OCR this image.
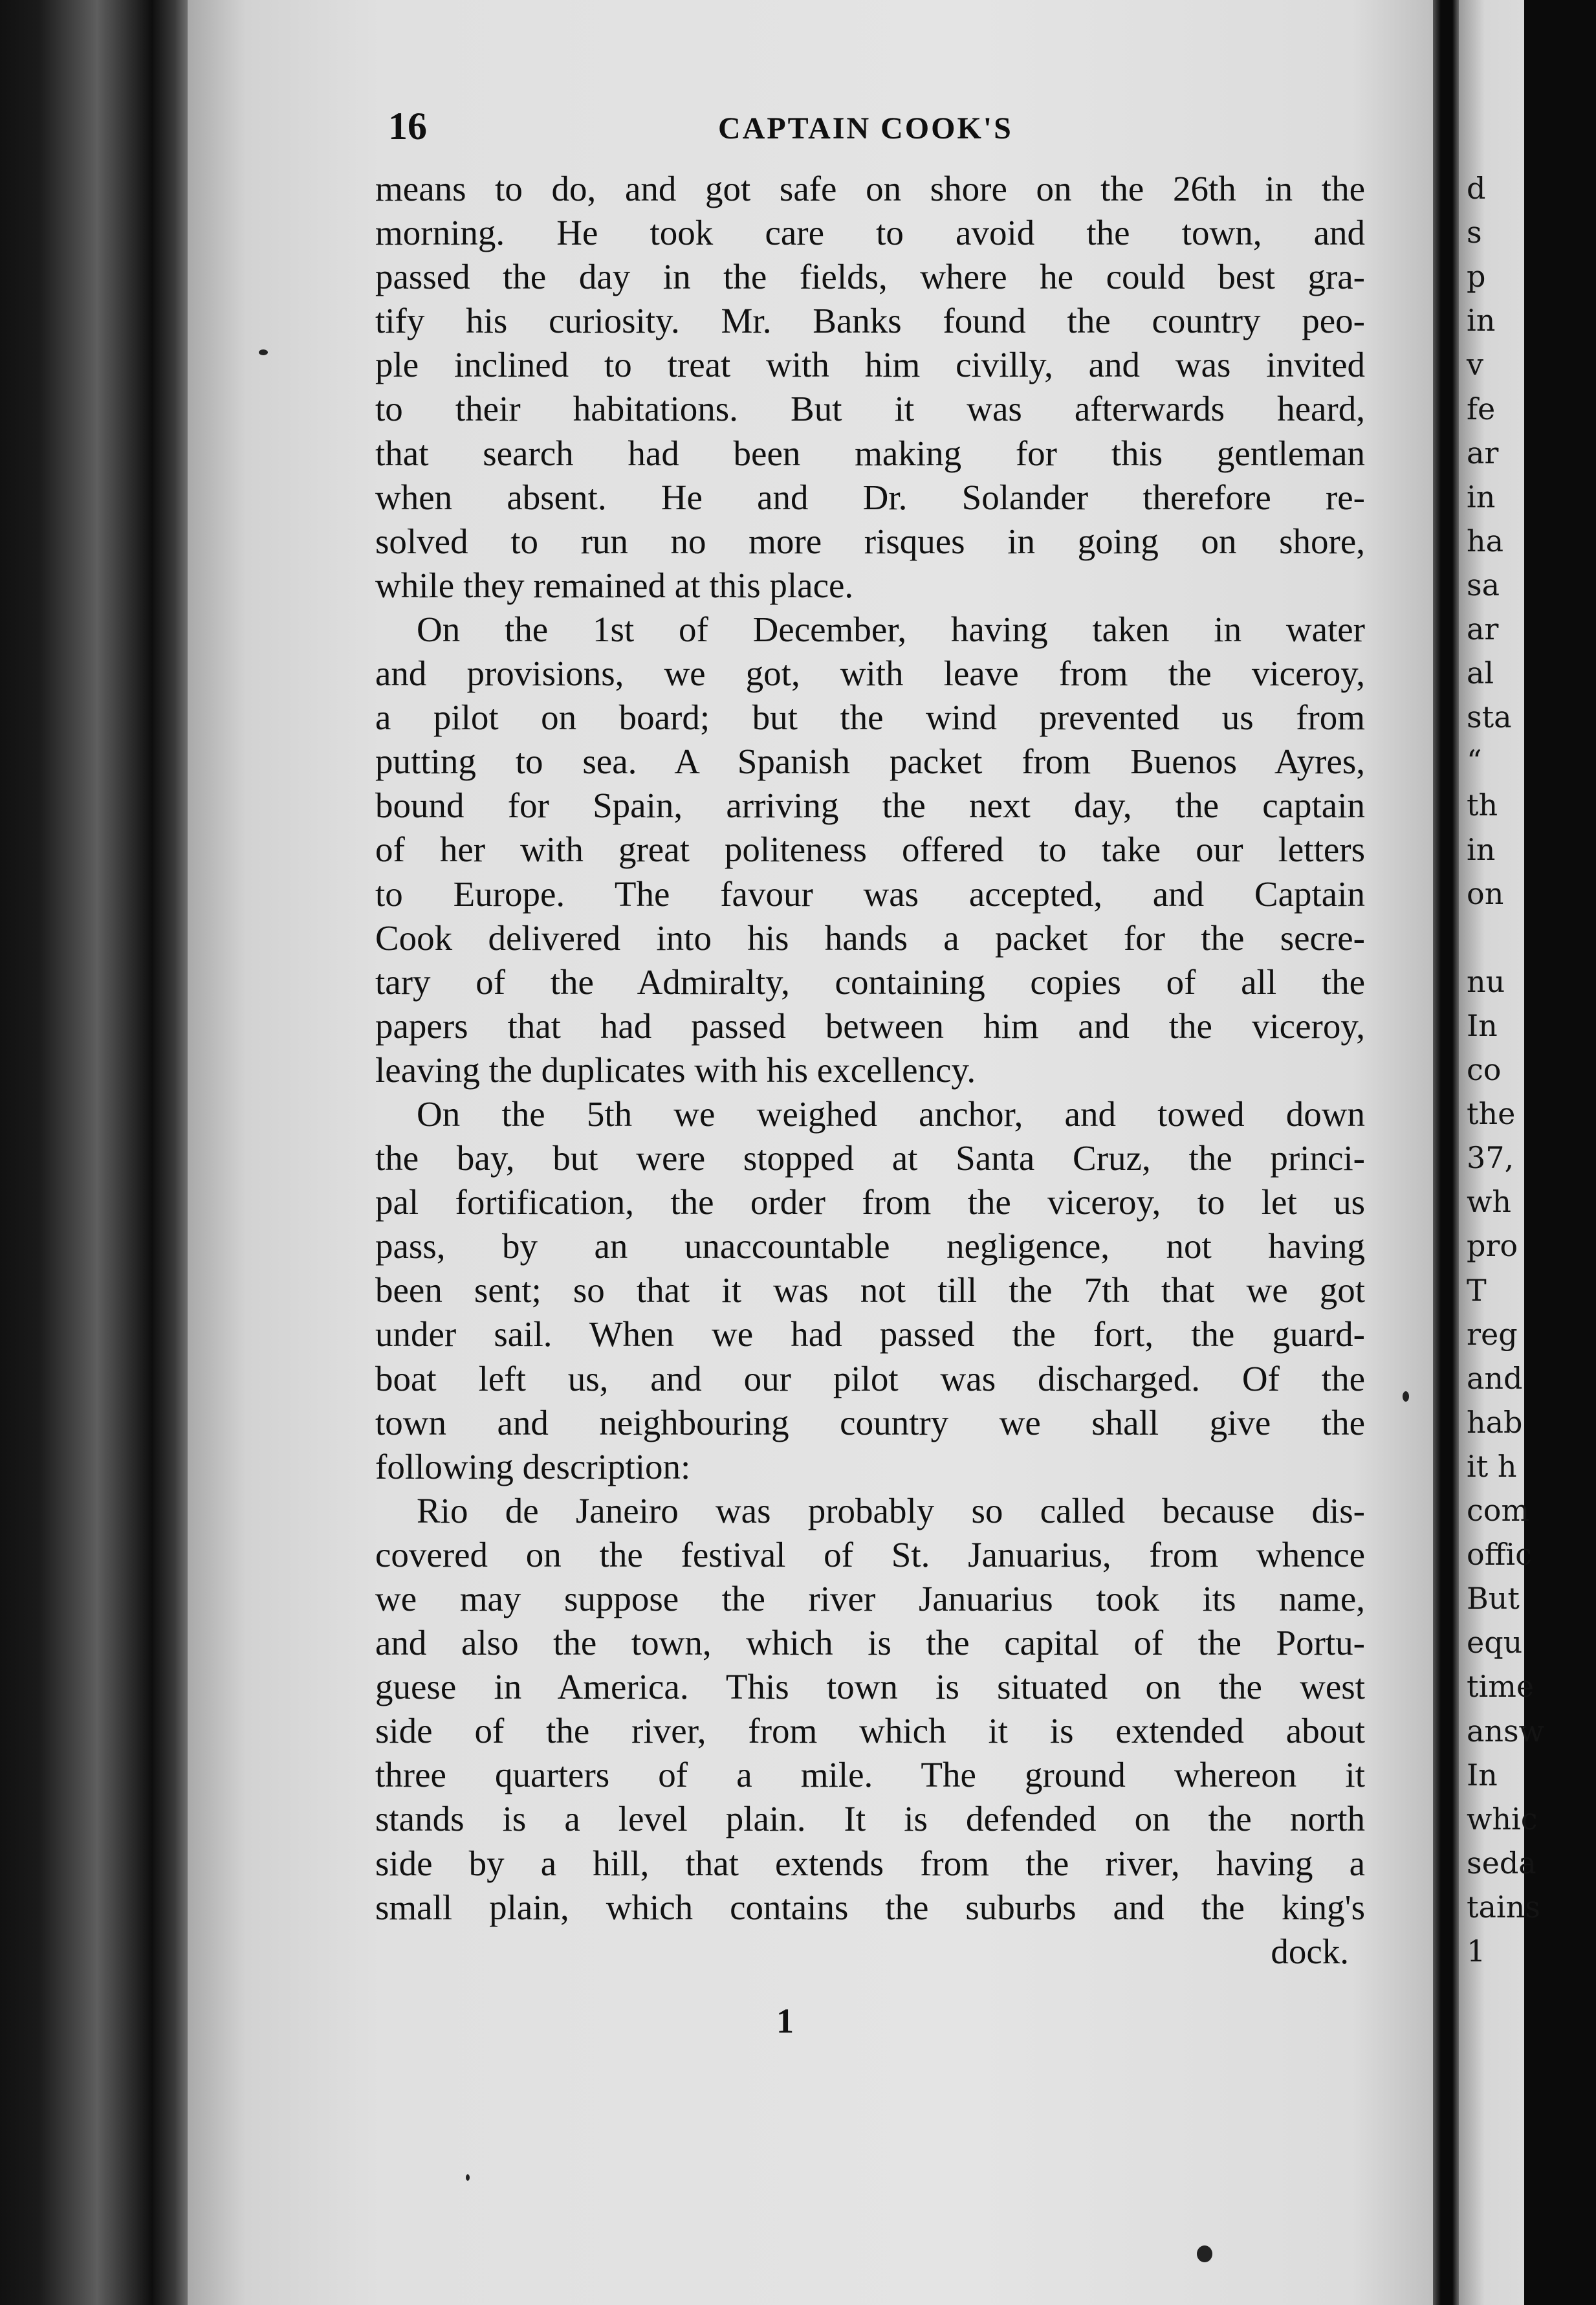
16	CAPTAIN COOK'S
means to do, and got safe on shore on the 26th in the
morning. He took care to avoid the town, and
passed the day in the fields, where he could best gra-
tify his curiosity. Mr. Banks found the country peo-
ple inclined to treat with him civilly, and was invited
to their habitations. But it was afterwards heard,
that search had been making for this gentleman
when absent. He and Dr. Solander therefore re-
solved to run no more risques in going on shore,
while they remained at this place.
On the 1st of December, having taken in water
and provisions, we got, with leave from the viceroy,
a pilot on board; but the wind prevented us from
putting to sea. A Spanish packet from Buenos Ayres,
bound for Spain, arriving the next day, the captain
of her with great politeness offered to take our letters
to Europe. The favour was accepted, and Captain
Cook delivered into his hands a packet for the secre-
tary of the Admiralty, containing copies of all the
papers that had passed between him and the viceroy,
leaving the duplicates with his excellency.
On the 5th we weighed anchor, and towed down
the bay, but were stopped at Santa Cruz, the princi-
pal fortification, the order from the viceroy, to let us
pass, by an unaccountable negligence, not having
been sent; so that it was not till the 7th that we got
under sail. When we had passed the fort, the guard-
boat left us, and our pilot was discharged. Of the
town and neighbouring country we shall give the
following description:
Rio de Janeiro was probably so called because dis-
covered on the festival of St. Januarius, from whence
we may suppose the river Januarius took its name,
and also the town, which is the capital of the Portu-
guese in America. This town is situated on the west
side of the river, from which it is extended about
three quarters of a mile. The ground whereon it
stands is a level plain. It is defended on the north
side by a hill, that extends from the river, having a
small plain, which contains the suburbs and the king's
dock.
1
d
s
p
in
v
fe
ar
in
ha
sa
ar
al
sta
“
th
in
on
nu
In
co
the
37,
wh
pro
T
reg
and
hab
it h
com
offic
But
equ
time
answ
In
whic
seda
tains
1
